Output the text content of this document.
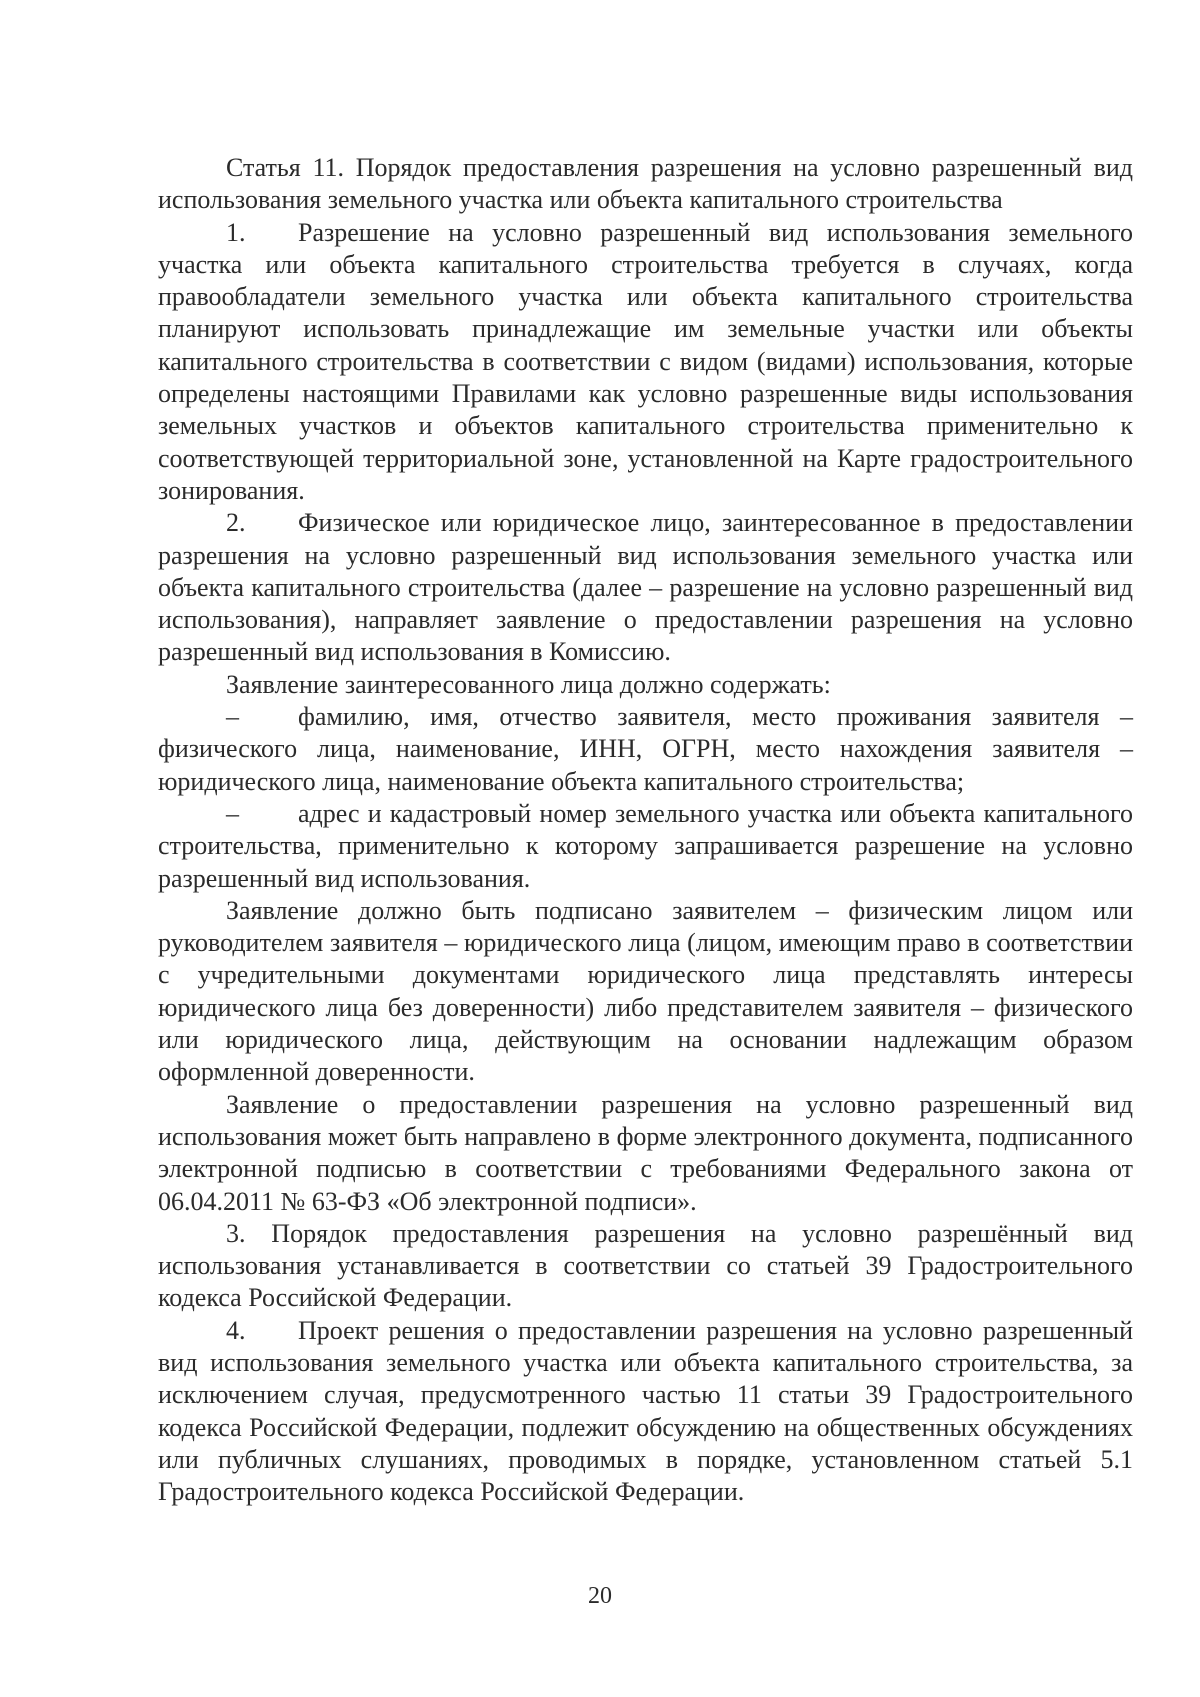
Статья 11. Порядок предоставления разрешения на условно разрешенный вид использования земельного участка или объекта капитального строительства

1. Разрешение на условно разрешенный вид использования земельного участка или объекта капитального строительства требуется в случаях, когда правообладатели земельного участка или объекта капитального строительства планируют использовать принадлежащие им земельные участки или объекты капитального строительства в соответствии с видом (видами) использования, которые определены настоящими Правилами как условно разрешенные виды использования земельных участков и объектов капитального строительства применительно к соответствующей территориальной зоне, установленной на Карте градостроительного зонирования.

2. Физическое или юридическое лицо, заинтересованное в предоставлении разрешения на условно разрешенный вид использования земельного участка или объекта капитального строительства (далее – разрешение на условно разрешенный вид использования), направляет заявление о предоставлении разрешения на условно разрешенный вид использования в Комиссию.

Заявление заинтересованного лица должно содержать:

– фамилию, имя, отчество заявителя, место проживания заявителя – физического лица, наименование, ИНН, ОГРН, место нахождения заявителя – юридического лица, наименование объекта капитального строительства;

– адрес и кадастровый номер земельного участка или объекта капитального строительства, применительно к которому запрашивается разрешение на условно разрешенный вид использования.

Заявление должно быть подписано заявителем – физическим лицом или руководителем заявителя – юридического лица (лицом, имеющим право в соответствии с учредительными документами юридического лица представлять интересы юридического лица без доверенности) либо представителем заявителя – физического или юридического лица, действующим на основании надлежащим образом оформленной доверенности.

Заявление о предоставлении разрешения на условно разрешенный вид использования может быть направлено в форме электронного документа, подписанного электронной подписью в соответствии с требованиями Федерального закона от 06.04.2011 № 63-ФЗ «Об электронной подписи».

3. Порядок предоставления разрешения на условно разрешённый вид использования устанавливается в соответствии со статьей 39 Градостроительного кодекса Российской Федерации.

4. Проект решения о предоставлении разрешения на условно разрешенный вид использования земельного участка или объекта капитального строительства, за исключением случая, предусмотренного частью 11 статьи 39 Градостроительного кодекса Российской Федерации, подлежит обсуждению на общественных обсуждениях или публичных слушаниях, проводимых в порядке, установленном статьей 5.1 Градостроительного кодекса Российской Федерации.

20
